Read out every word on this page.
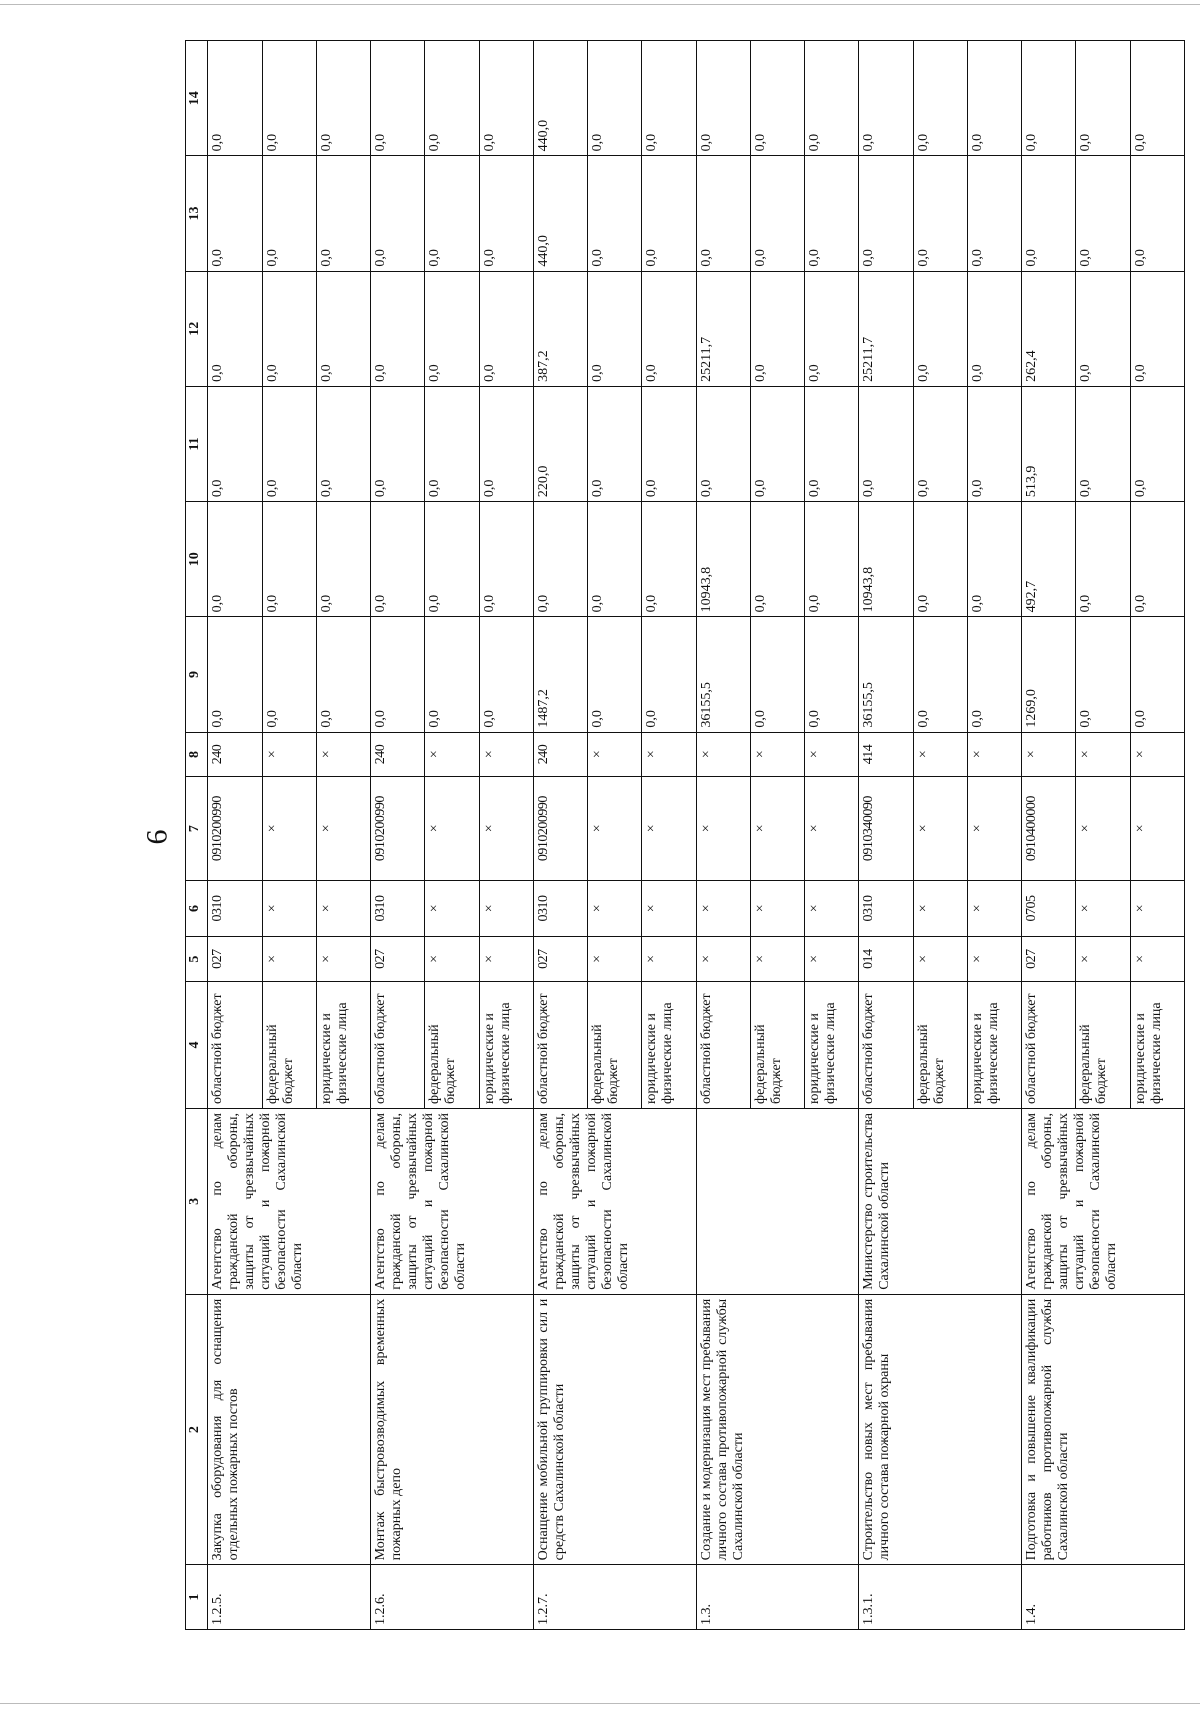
6
1	2	3	4	5	6	7	8	9	10	11	12	13	14
1.2.5.	Закупка оборудования для оснащения отдельных пожарных постов	Агентство по делам гражданской обороны, защиты от чрезвычайных ситуаций и пожарной безопасности Сахалинской области	областной бюджет	027	0310	0910200990	240	0,0	0,0	0,0	0,0	0,0	0,0
			федеральный бюджет	×	×	×	×	0,0	0,0	0,0	0,0	0,0	0,0
			юридические и физические лица	×	×	×	×	0,0	0,0	0,0	0,0	0,0	0,0
1.2.6.	Монтаж быстровозводимых временных пожарных депо	Агентство по делам гражданской обороны, защиты от чрезвычайных ситуаций и пожарной безопасности Сахалинской области	областной бюджет	027	0310	0910200990	240	0,0	0,0	0,0	0,0	0,0	0,0
			федеральный бюджет	×	×	×	×	0,0	0,0	0,0	0,0	0,0	0,0
			юридические и физические лица	×	×	×	×	0,0	0,0	0,0	0,0	0,0	0,0
1.2.7.	Оснащение мобильной группировки сил и средств Сахалинской области	Агентство по делам гражданской обороны, защиты от чрезвычайных ситуаций и пожарной безопасности Сахалинской области	областной бюджет	027	0310	0910200990	240	1487,2	0,0	220,0	387,2	440,0	440,0
			федеральный бюджет	×	×	×	×	0,0	0,0	0,0	0,0	0,0	0,0
			юридические и физические лица	×	×	×	×	0,0	0,0	0,0	0,0	0,0	0,0
1.3.	Создание и модернизация мест пребывания личного состава противопожарной службы Сахалинской области		областной бюджет	×	×	×	×	36155,5	10943,8	0,0	25211,7	0,0	0,0
			федеральный бюджет	×	×	×	×	0,0	0,0	0,0	0,0	0,0	0,0
			юридические и физические лица	×	×	×	×	0,0	0,0	0,0	0,0	0,0	0,0
1.3.1.	Строительство новых мест пребывания личного состава пожарной охраны	Министерство строительства Сахалинской области	областной бюджет	014	0310	0910340090	414	36155,5	10943,8	0,0	25211,7	0,0	0,0
			федеральный бюджет	×	×	×	×	0,0	0,0	0,0	0,0	0,0	0,0
			юридические и физические лица	×	×	×	×	0,0	0,0	0,0	0,0	0,0	0,0
1.4.	Подготовка и повышение квалификации работников противопожарной службы Сахалинской области	Агентство по делам гражданской обороны, защиты от чрезвычайных ситуаций и пожарной безопасности Сахалинской области	областной бюджет	027	0705	0910400000	×	1269,0	492,7	513,9	262,4	0,0	0,0
			федеральный бюджет	×	×	×	×	0,0	0,0	0,0	0,0	0,0	0,0
			юридические и физические лица	×	×	×	×	0,0	0,0	0,0	0,0	0,0	0,0
